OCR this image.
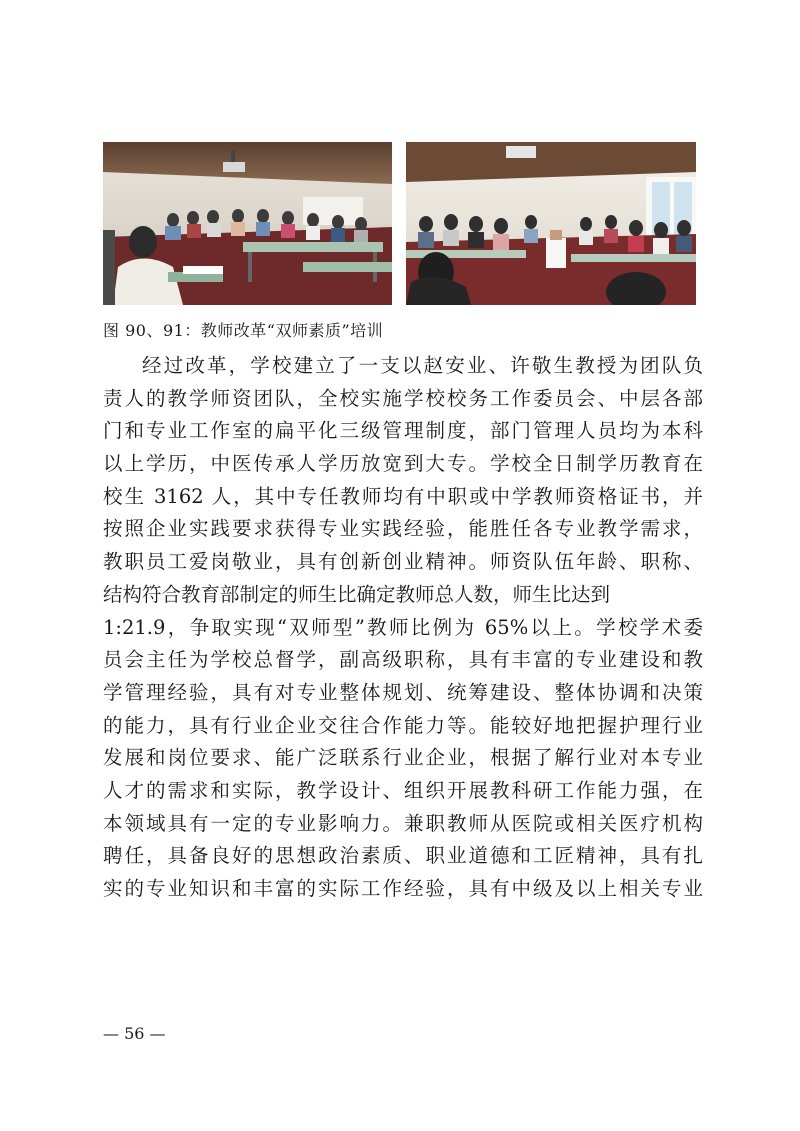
图 90、91：教师改革“双师素质”培训
经过改革，学校建立了一支以赵安业、许敬生教授为团队负
责人的教学师资团队，全校实施学校校务工作委员会、中层各部
门和专业工作室的扁平化三级管理制度，部门管理人员均为本科
以上学历，中医传承人学历放宽到大专。学校全日制学历教育在
校生 3162 人，其中专任教师均有中职或中学教师资格证书，并
按照企业实践要求获得专业实践经验，能胜任各专业教学需求，
教职员工爱岗敬业，具有创新创业精神。师资队伍年龄、职称、
结构符合教育部制定的师生比确定教师总人数，师生比达到
1:21.9，争取实现“双师型”教师比例为 65%以上。学校学术委
员会主任为学校总督学，副高级职称，具有丰富的专业建设和教
学管理经验，具有对专业整体规划、统筹建设、整体协调和决策
的能力，具有行业企业交往合作能力等。能较好地把握护理行业
发展和岗位要求、能广泛联系行业企业，根据了解行业对本专业
人才的需求和实际，教学设计、组织开展教科研工作能力强，在
本领域具有一定的专业影响力。兼职教师从医院或相关医疗机构
聘任，具备良好的思想政治素质、职业道德和工匠精神，具有扎
实的专业知识和丰富的实际工作经验，具有中级及以上相关专业
— 56 —
